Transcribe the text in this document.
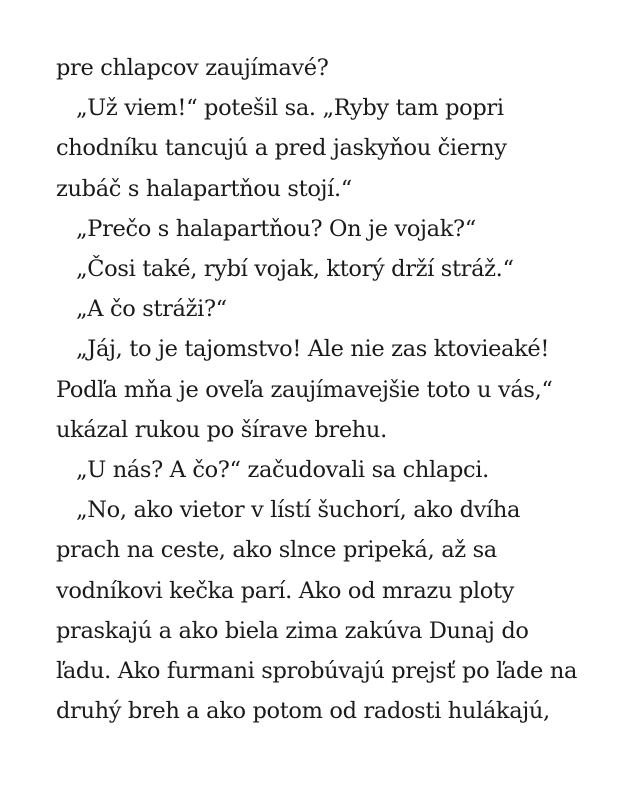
pre chlapcov zaujímavé?
„Už viem!“ potešil sa. „Ryby tam popri
chodníku tancujú a pred jaskyňou čierny
zubáč s halapartňou stojí.“
„Prečo s halapartňou? On je vojak?“
„Čosi také, rybí vojak, ktorý drží stráž.“
„A čo stráži?“
„Jáj, to je tajomstvo! Ale nie zas ktovieaké!
Podľa mňa je oveľa zaujímavejšie toto u vás,“
ukázal rukou po šírave brehu.
„U nás? A čo?“ začudovali sa chlapci.
„No, ako vietor v lístí šuchorí, ako dvíha
prach na ceste, ako slnce pripeká, až sa
vodníkovi kečka parí. Ako od mrazu ploty
praskajú a ako biela zima zakúva Dunaj do
ľadu. Ako furmani sprobúvajú prejsť po ľade na
druhý breh a ako potom od radosti hulákajú,
